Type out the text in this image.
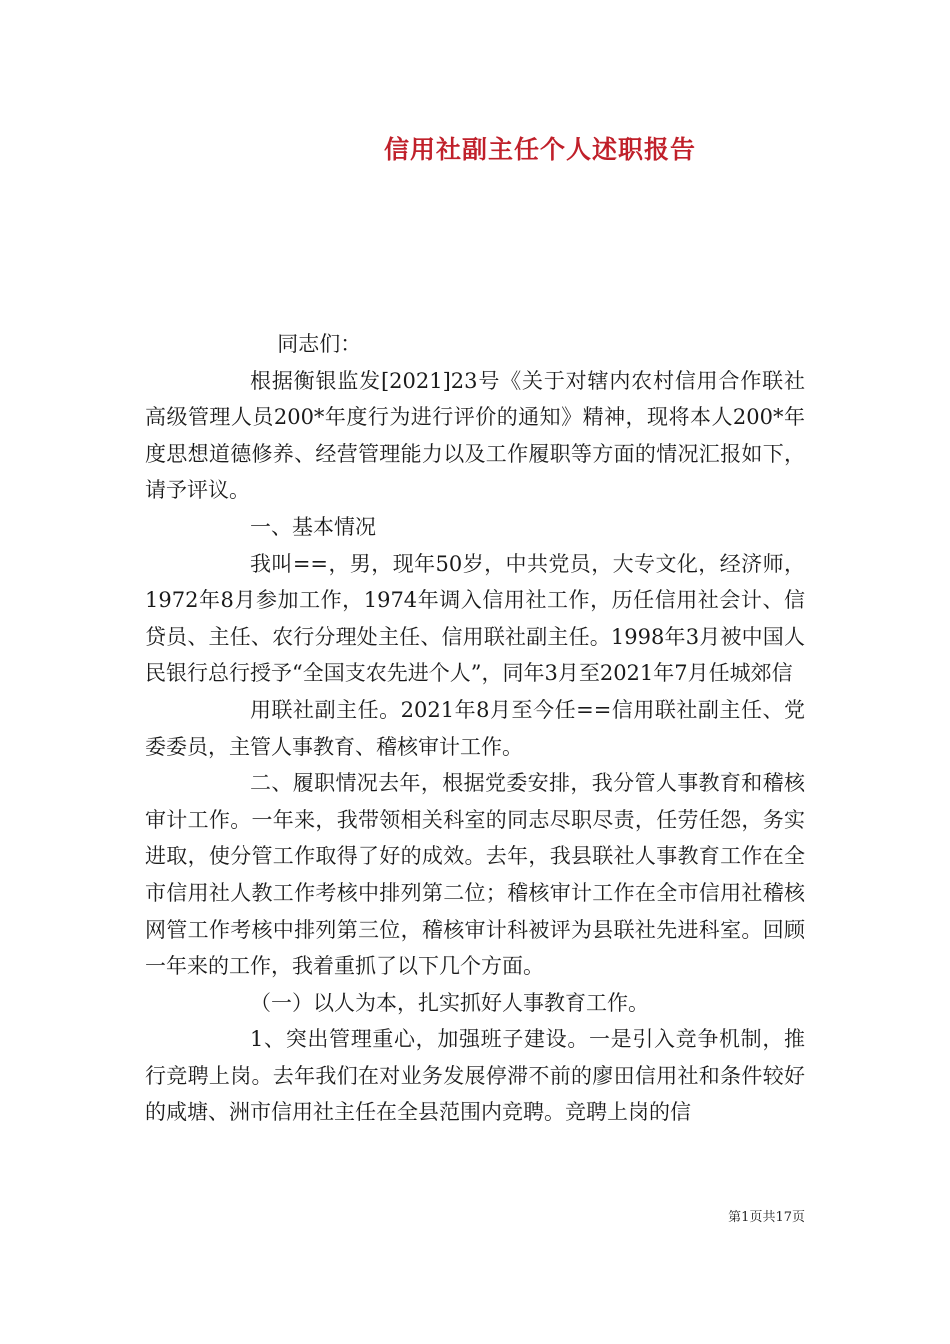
信用社副主任个人述职报告

同志们：

根据衡银监发[2021]23号《关于对辖内农村信用合作联社高级管理人员200*年度行为进行评价的通知》精神，现将本人200*年度思想道德修养、经营管理能力以及工作履职等方面的情况汇报如下，请予评议。

一、基本情况

我叫==，男，现年50岁，中共党员，大专文化，经济师，1972年8月参加工作，1974年调入信用社工作，历任信用社会计、信贷员、主任、农行分理处主任、信用联社副主任。1998年3月被中国人民银行总行授予“全国支农先进个人”，同年3月至2021年7月任城郊信

用联社副主任。2021年8月至今任==信用联社副主任、党委委员，主管人事教育、稽核审计工作。

二、履职情况去年，根据党委安排，我分管人事教育和稽核审计工作。一年来，我带领相关科室的同志尽职尽责，任劳任怨，务实进取，使分管工作取得了好的成效。去年，我县联社人事教育工作在全市信用社人教工作考核中排列第二位；稽核审计工作在全市信用社稽核网管工作考核中排列第三位，稽核审计科被评为县联社先进科室。回顾一年来的工作，我着重抓了以下几个方面。

（一）以人为本，扎实抓好人事教育工作。

1、突出管理重心，加强班子建设。一是引入竞争机制，推行竞聘上岗。去年我们在对业务发展停滞不前的廖田信用社和条件较好的咸塘、洲市信用社主任在全县范围内竞聘。竞聘上岗的信

第1页共17页
